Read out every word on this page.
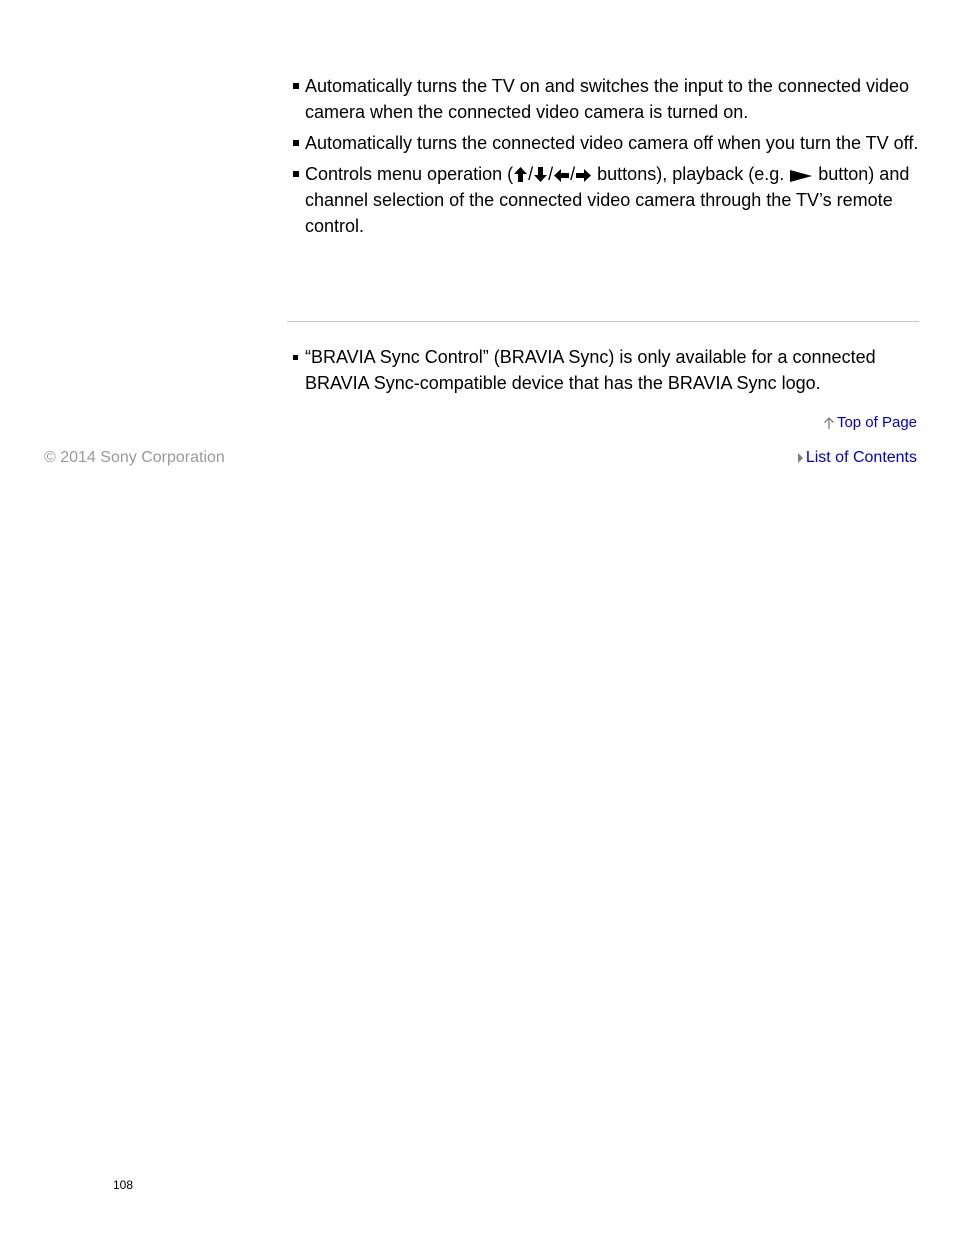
Automatically turns the TV on and switches the input to the connected video camera when the connected video camera is turned on.
Automatically turns the connected video camera off when you turn the TV off.
Controls menu operation ( / / / buttons), playback (e.g.  button) and channel selection of the connected video camera through the TV’s remote control.
“BRAVIA Sync Control” (BRAVIA Sync) is only available for a connected BRAVIA Sync-compatible device that has the BRAVIA Sync logo.
Top of Page
© 2014 Sony Corporation	List of Contents
108
